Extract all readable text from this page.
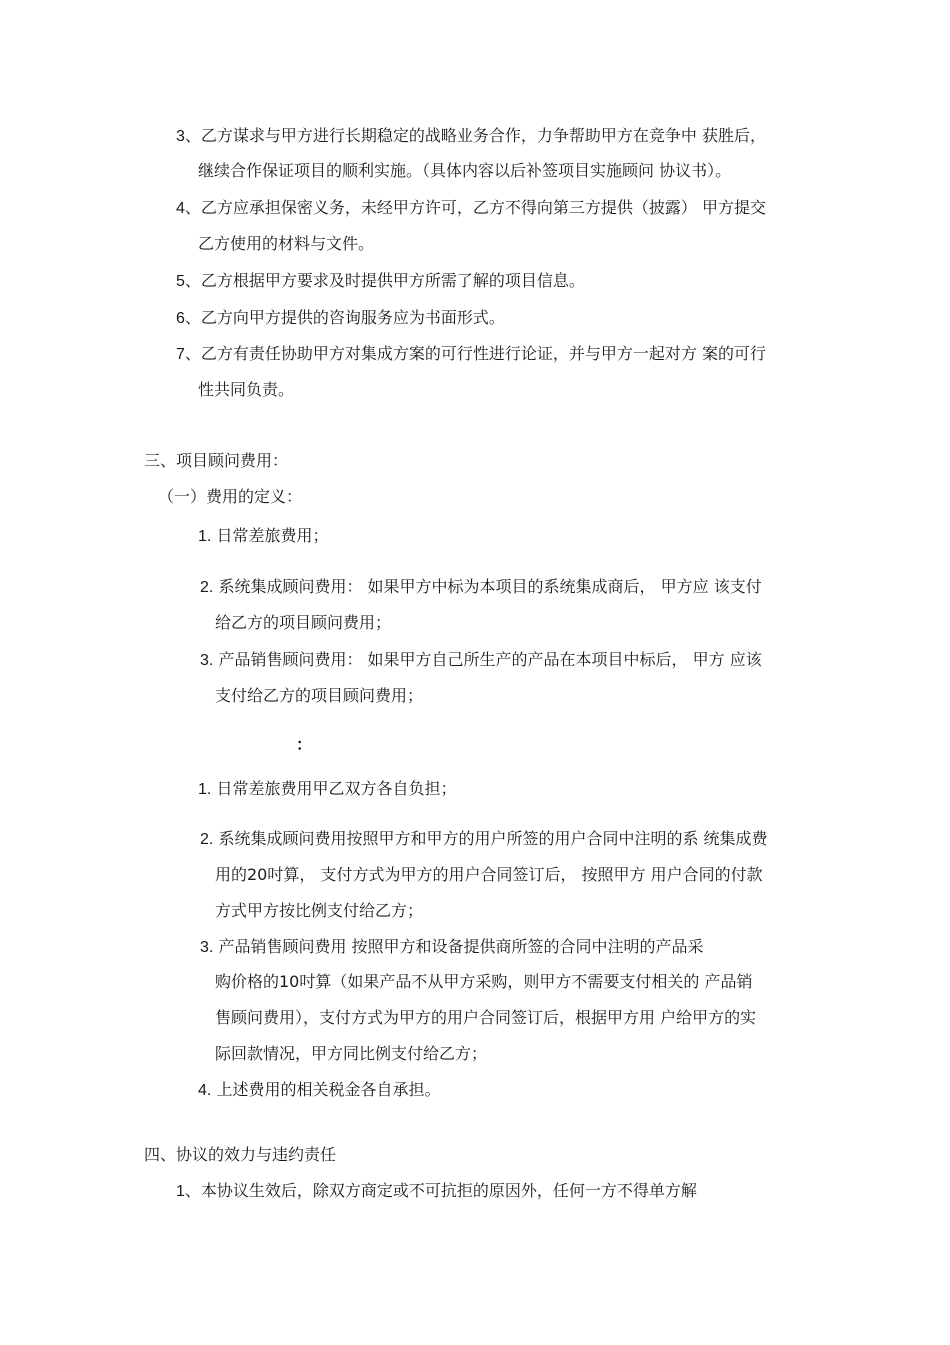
3、乙方谋求与甲方进行长期稳定的战略业务合作，力争帮助甲方在竞争中 获胜后，
继续合作保证项目的顺利实施。（具体内容以后补签项目实施顾问 协议书）。
4、乙方应承担保密义务，未经甲方许可，乙方不得向第三方提供（披露） 甲方提交
乙方使用的材料与文件。
5、乙方根据甲方要求及时提供甲方所需了解的项目信息。
6、乙方向甲方提供的咨询服务应为书面形式。
7、乙方有责任协助甲方对集成方案的可行性进行论证，并与甲方一起对方 案的可行
性共同负责。
三、项目顾问费用：
（一）费用的定义：
1. 日常差旅费用；
2. 系统集成顾问费用： 如果甲方中标为本项目的系统集成商后， 甲方应 该支付
给乙方的项目顾问费用；
3. 产品销售顾问费用： 如果甲方自己所生产的产品在本项目中标后， 甲方 应该
支付给乙方的项目顾问费用；
：
1. 日常差旅费用甲乙双方各自负担；
2. 系统集成顾问费用按照甲方和甲方的用户所签的用户合同中注明的系 统集成费
用的20吋算， 支付方式为甲方的用户合同签订后， 按照甲方 用户合同的付款
方式甲方按比例支付给乙方；
3. 产品销售顾问费用 按照甲方和设备提供商所签的合同中注明的产品采
购价格的10吋算（如果产品不从甲方采购，则甲方不需要支付相关的 产品销
售顾问费用），支付方式为甲方的用户合同签订后，根据甲方用 户给甲方的实
际回款情况，甲方同比例支付给乙方；
4. 上述费用的相关税金各自承担。
四、协议的效力与违约责任
1、本协议生效后，除双方商定或不可抗拒的原因外，任何一方不得单方解
